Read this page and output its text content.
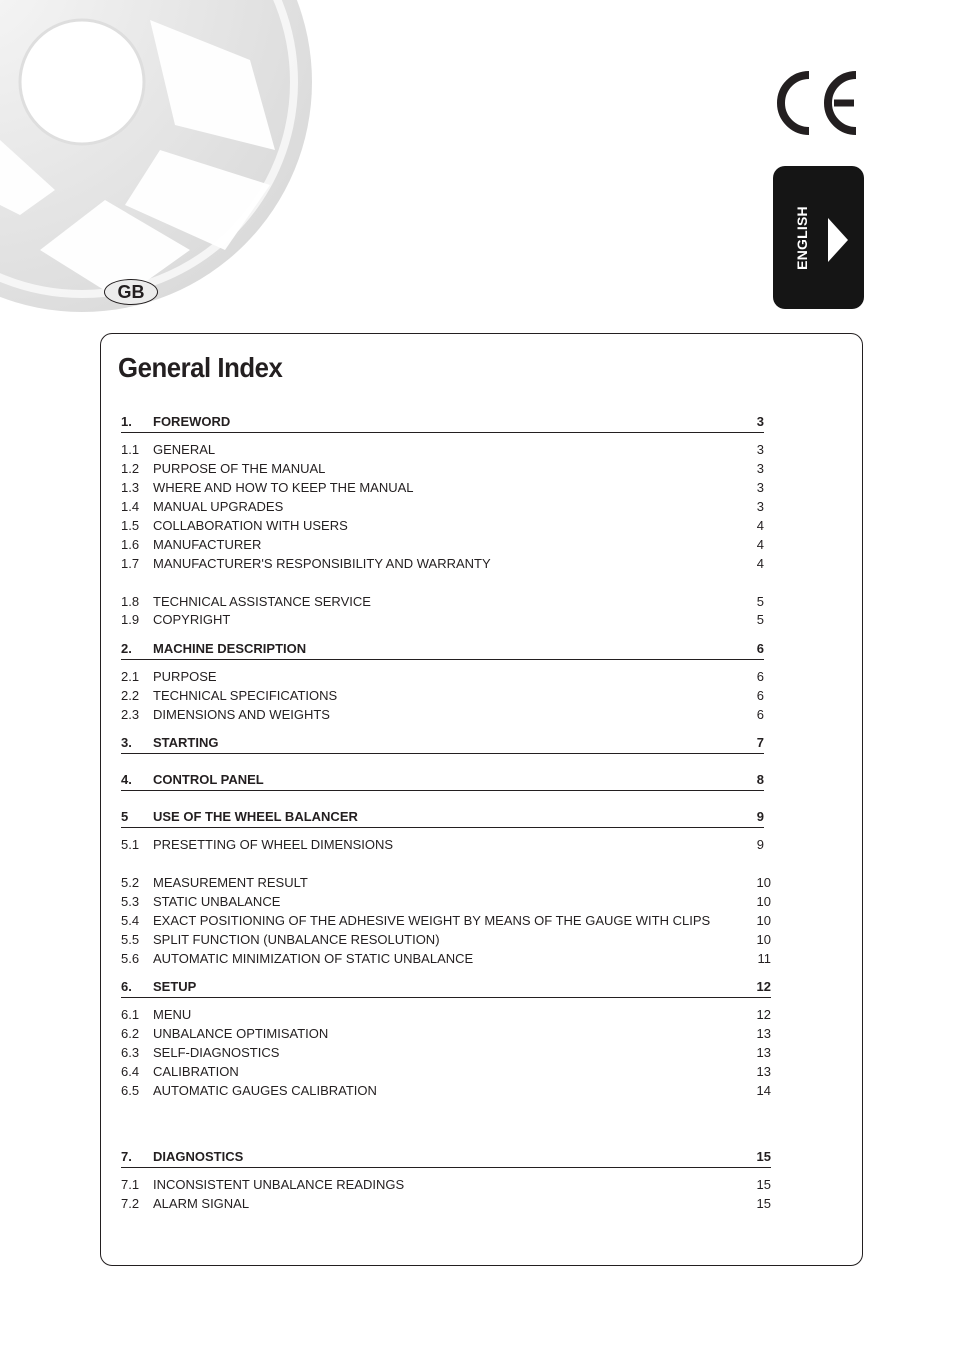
GB
ENGLISH
General Index
1. FOREWORD	3
1.1 GENERAL	3
1.2 PURPOSE OF THE MANUAL	3
1.3 WHERE AND HOW TO KEEP THE MANUAL	3
1.4 MANUAL UPGRADES	3
1.5 COLLABORATION WITH USERS	4
1.6 MANUFACTURER	4
1.7 MANUFACTURER'S RESPONSIBILITY AND WARRANTY	4
1.8 TECHNICAL ASSISTANCE SERVICE	5
1.9 COPYRIGHT	5
2. MACHINE DESCRIPTION	6
2.1 PURPOSE	6
2.2 TECHNICAL SPECIFICATIONS	6
2.3 DIMENSIONS AND WEIGHTS	6
3. STARTING	7
4. CONTROL PANEL	8
5 USE OF THE WHEEL BALANCER	9
5.1 PRESETTING OF WHEEL DIMENSIONS	9
5.2 MEASUREMENT RESULT	10
5.3 STATIC UNBALANCE	10
5.4 EXACT POSITIONING OF THE ADHESIVE WEIGHT BY MEANS OF THE GAUGE WITH CLIPS	10
5.5 SPLIT FUNCTION (UNBALANCE RESOLUTION)	10
5.6 AUTOMATIC MINIMIZATION OF STATIC UNBALANCE	11
6. SETUP	12
6.1 MENU	12
6.2 UNBALANCE OPTIMISATION	13
6.3 SELF-DIAGNOSTICS	13
6.4 CALIBRATION	13
6.5 AUTOMATIC GAUGES CALIBRATION	14
7. DIAGNOSTICS	15
7.1 INCONSISTENT UNBALANCE READINGS	15
7.2 ALARM SIGNAL	15
